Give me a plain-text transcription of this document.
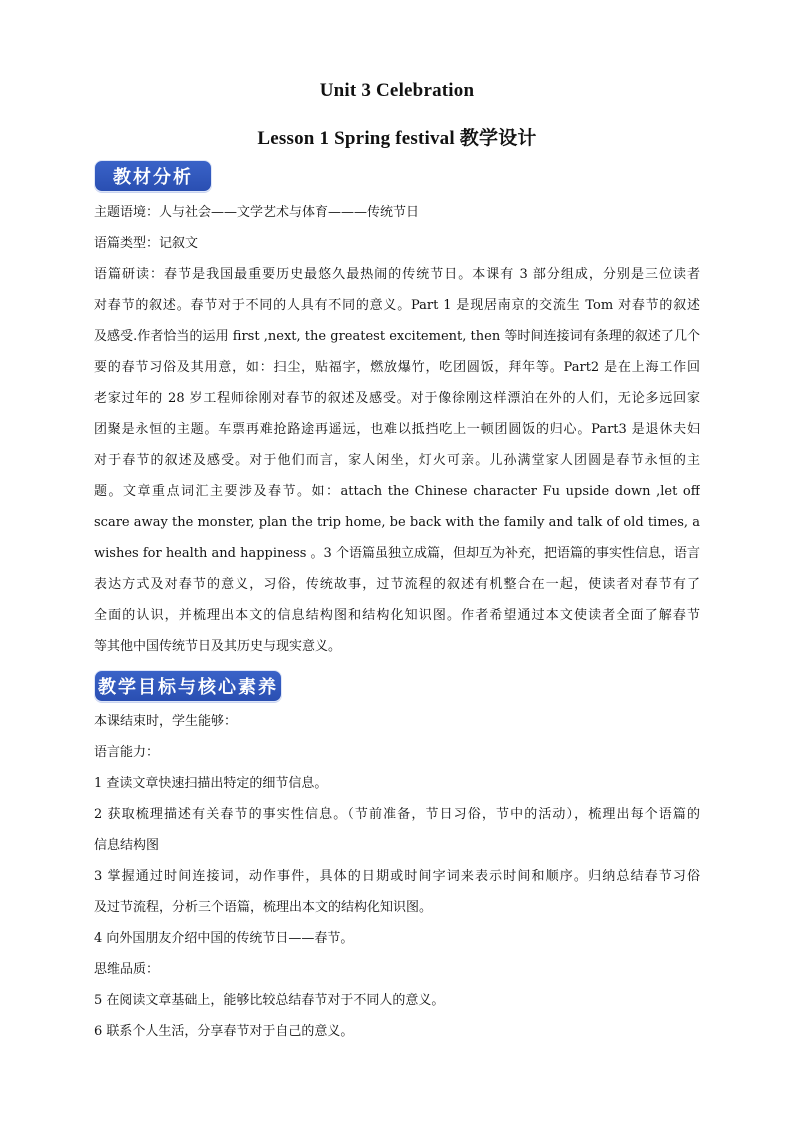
Unit 3 Celebration
Lesson 1 Spring festival 教学设计
教材分析
主题语境：人与社会——文学艺术与体育———传统节日
语篇类型：记叙文
语篇研读：春节是我国最重要历史最悠久最热闹的传统节日。本课有 3 部分组成，分别是三位读者
对春节的叙述。春节对于不同的人具有不同的意义。Part 1 是现居南京的交流生 Tom 对春节的叙述
及感受.作者恰当的运用 first ,next, the greatest excitement, then 等时间连接词有条理的叙述了几个
要的春节习俗及其用意，如：扫尘，贴福字，燃放爆竹，吃团圆饭，拜年等。Part2 是在上海工作回
老家过年的 28 岁工程师徐刚对春节的叙述及感受。对于像徐刚这样漂泊在外的人们，无论多远回家
团聚是永恒的主题。车票再难抢路途再遥远，也难以抵挡吃上一顿团圆饭的归心。Part3 是退休夫妇
对于春节的叙述及感受。对于他们而言，家人闲坐，灯火可亲。儿孙满堂家人团圆是春节永恒的主
题。文章重点词汇主要涉及春节。如：attach the Chinese character Fu upside down ,let off
scare away the monster, plan the trip home, be back with the family and talk of old times, a
wishes for health and happiness 。3 个语篇虽独立成篇，但却互为补充，把语篇的事实性信息，语言
表达方式及对春节的意义，习俗，传统故事，过节流程的叙述有机整合在一起，使读者对春节有了
全面的认识，并梳理出本文的信息结构图和结构化知识图。作者希望通过本文使读者全面了解春节
等其他中国传统节日及其历史与现实意义。
教学目标与核心素养
本课结束时，学生能够：
语言能力：
1 查读文章快速扫描出特定的细节信息。
2 获取梳理描述有关春节的事实性信息。（节前准备，节日习俗，节中的活动），梳理出每个语篇的
信息结构图
3 掌握通过时间连接词，动作事件，具体的日期或时间字词来表示时间和顺序。归纳总结春节习俗
及过节流程，分析三个语篇，梳理出本文的结构化知识图。
4 向外国朋友介绍中国的传统节日——春节。
思维品质：
5 在阅读文章基础上，能够比较总结春节对于不同人的意义。
6 联系个人生活，分享春节对于自己的意义。
